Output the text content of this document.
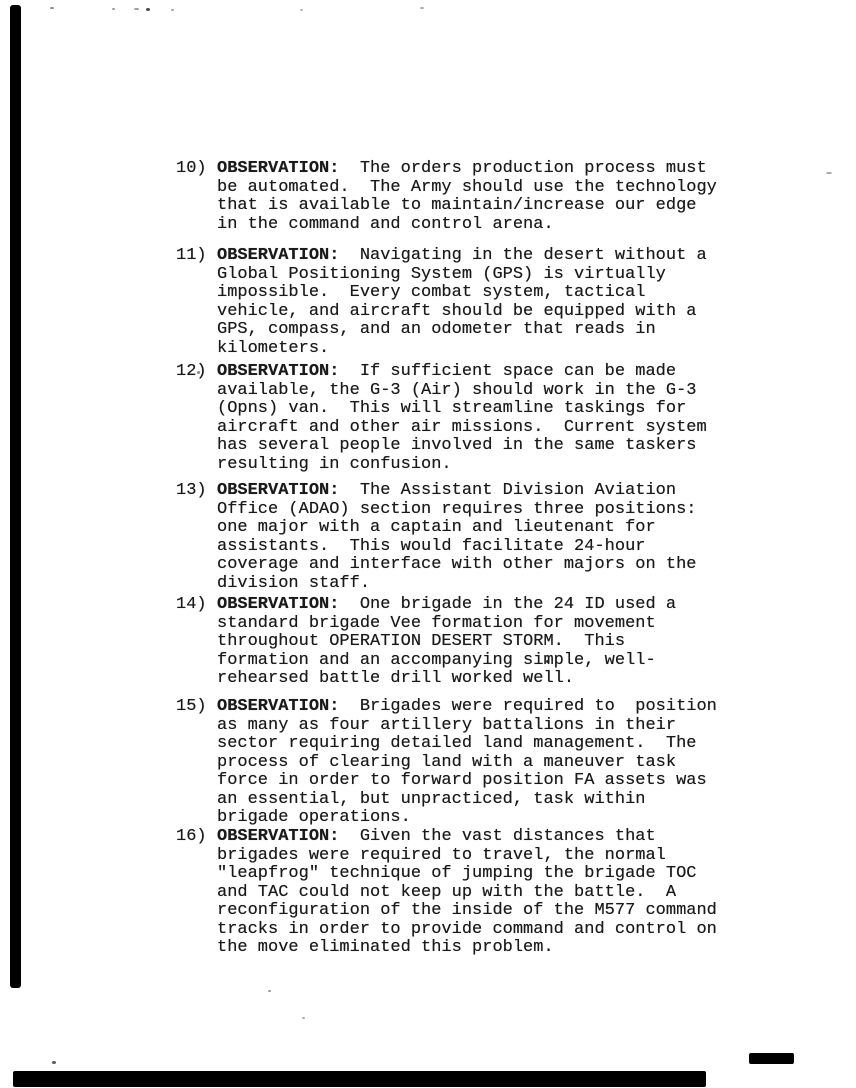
10) OBSERVATION:  The orders production process must
be automated.  The Army should use the technology
that is available to maintain/increase our edge
in the command and control arena.
11) OBSERVATION:  Navigating in the desert without a
Global Positioning System (GPS) is virtually
impossible.  Every combat system, tactical
vehicle, and aircraft should be equipped with a
GPS, compass, and an odometer that reads in
kilometers.
12) OBSERVATION:  If sufficient space can be made
available, the G-3 (Air) should work in the G-3
(Opns) van.  This will streamline taskings for
aircraft and other air missions.  Current system
has several people involved in the same taskers
resulting in confusion.
13) OBSERVATION:  The Assistant Division Aviation
Office (ADAO) section requires three positions:
one major with a captain and lieutenant for
assistants.  This would facilitate 24-hour
coverage and interface with other majors on the
division staff.
14) OBSERVATION:  One brigade in the 24 ID used a
standard brigade Vee formation for movement
throughout OPERATION DESERT STORM.  This
formation and an accompanying simple, well-
rehearsed battle drill worked well.
15) OBSERVATION:  Brigades were required to  position
as many as four artillery battalions in their
sector requiring detailed land management.  The
process of clearing land with a maneuver task
force in order to forward position FA assets was
an essential, but unpracticed, task within
brigade operations.
16) OBSERVATION:  Given the vast distances that
brigades were required to travel, the normal
"leapfrog" technique of jumping the brigade TOC
and TAC could not keep up with the battle.  A
reconfiguration of the inside of the M577 command
tracks in order to provide command and control on
the move eliminated this problem.
